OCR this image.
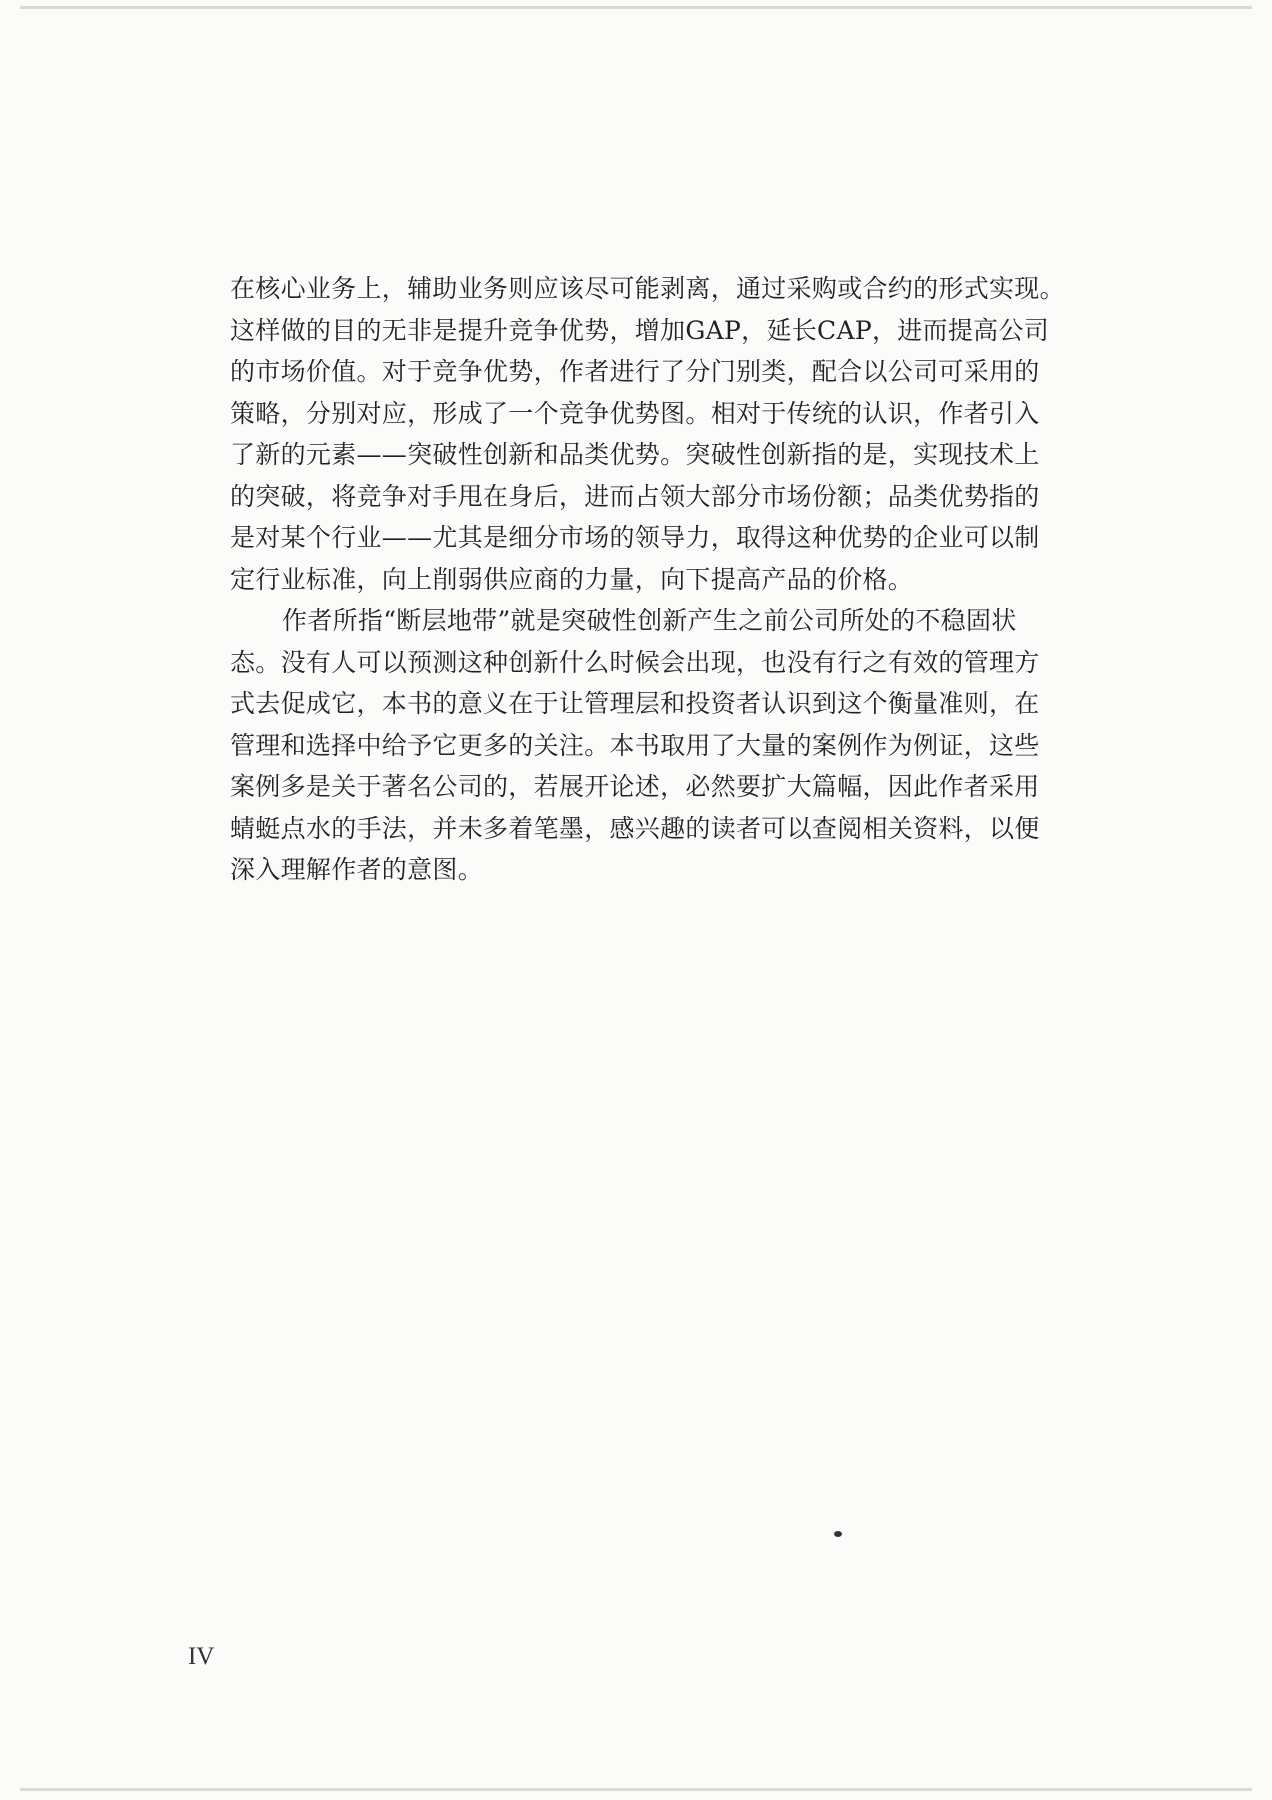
在核心业务上，辅助业务则应该尽可能剥离，通过采购或合约的形式实现。
这样做的目的无非是提升竞争优势，增加GAP，延长CAP，进而提高公司
的市场价值。对于竞争优势，作者进行了分门别类，配合以公司可采用的
策略，分别对应，形成了一个竞争优势图。相对于传统的认识，作者引入
了新的元素——突破性创新和品类优势。突破性创新指的是，实现技术上
的突破，将竞争对手甩在身后，进而占领大部分市场份额；品类优势指的
是对某个行业——尤其是细分市场的领导力，取得这种优势的企业可以制
定行业标准，向上削弱供应商的力量，向下提高产品的价格。

作者所指“断层地带”就是突破性创新产生之前公司所处的不稳固状
态。没有人可以预测这种创新什么时候会出现，也没有行之有效的管理方
式去促成它，本书的意义在于让管理层和投资者认识到这个衡量准则，在
管理和选择中给予它更多的关注。本书取用了大量的案例作为例证，这些
案例多是关于著名公司的，若展开论述，必然要扩大篇幅，因此作者采用
蜻蜓点水的手法，并未多着笔墨，感兴趣的读者可以查阅相关资料，以便
深入理解作者的意图。

IV
